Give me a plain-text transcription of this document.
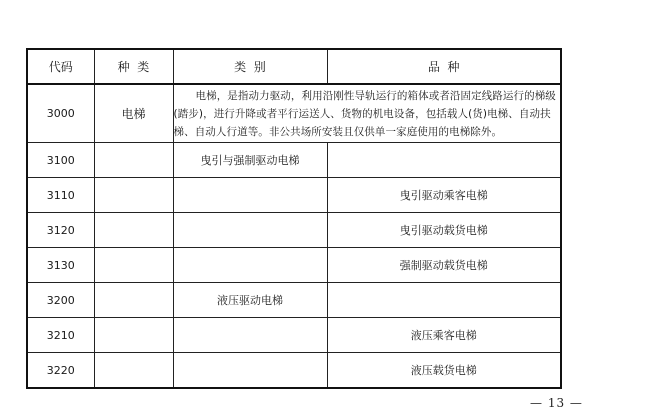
代码	种  类	类  别	品  种
3000	电梯	电梯，是指动力驱动，利用沿刚性导轨运行的箱体或者沿固定线路运行的梯级(踏步)，进行升降或者平行运送人、货物的机电设备，包括载人(货)电梯、自动扶梯、自动人行道等。非公共场所安装且仅供单一家庭使用的电梯除外。	
3100		曳引与强制驱动电梯	
3110			曳引驱动乘客电梯
3120			曳引驱动载货电梯
3130			强制驱动载货电梯
3200		液压驱动电梯	
3210			液压乘客电梯
3220			液压载货电梯
— 13 —
